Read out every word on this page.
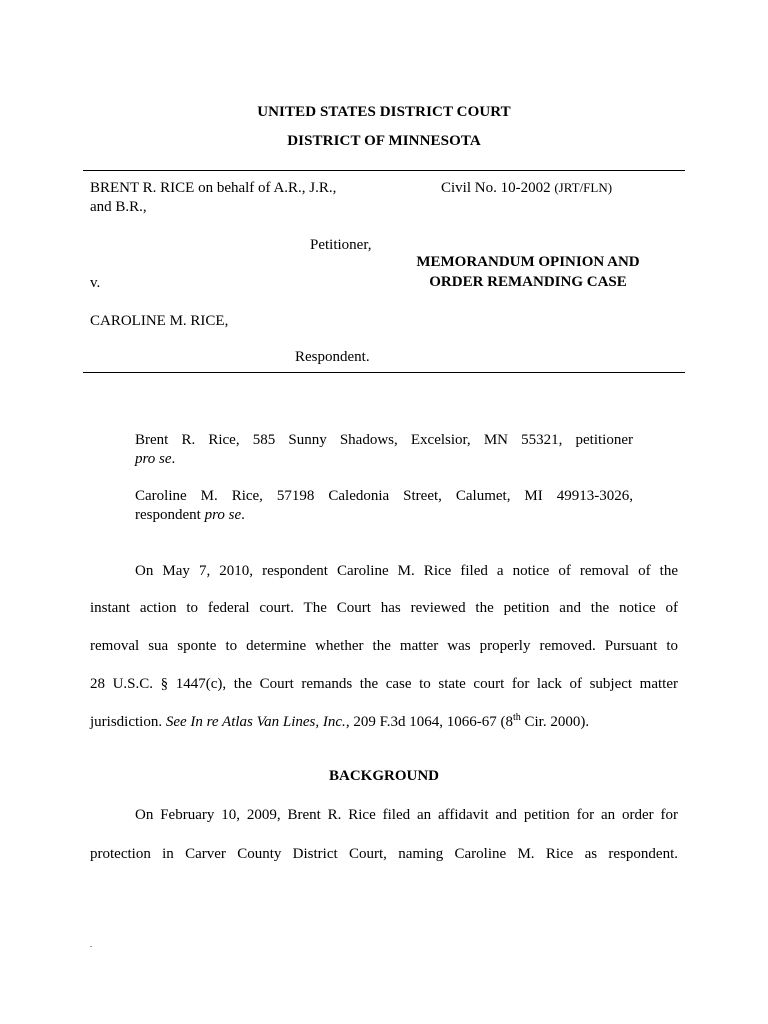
UNITED STATES DISTRICT COURT
DISTRICT OF MINNESOTA
BRENT R. RICE on behalf of A.R., J.R.,
and B.R.,
Petitioner,
v.
CAROLINE M. RICE,
Respondent.
Civil No. 10-2002 (JRT/FLN)
MEMORANDUM OPINION AND
ORDER REMANDING CASE
Brent R. Rice, 585 Sunny Shadows, Excelsior, MN 55321, petitioner
pro se.
Caroline M. Rice, 57198 Caledonia Street, Calumet, MI 49913-3026,
respondent pro se.
On May 7, 2010, respondent Caroline M. Rice filed a notice of removal of the
instant action to federal court. The Court has reviewed the petition and the notice of
removal sua sponte to determine whether the matter was properly removed. Pursuant to
28 U.S.C. § 1447(c), the Court remands the case to state court for lack of subject matter
jurisdiction. See In re Atlas Van Lines, Inc., 209 F.3d 1064, 1066-67 (8th Cir. 2000).
BACKGROUND
On February 10, 2009, Brent R. Rice filed an affidavit and petition for an order for
protection in Carver County District Court, naming Caroline M. Rice as respondent.
